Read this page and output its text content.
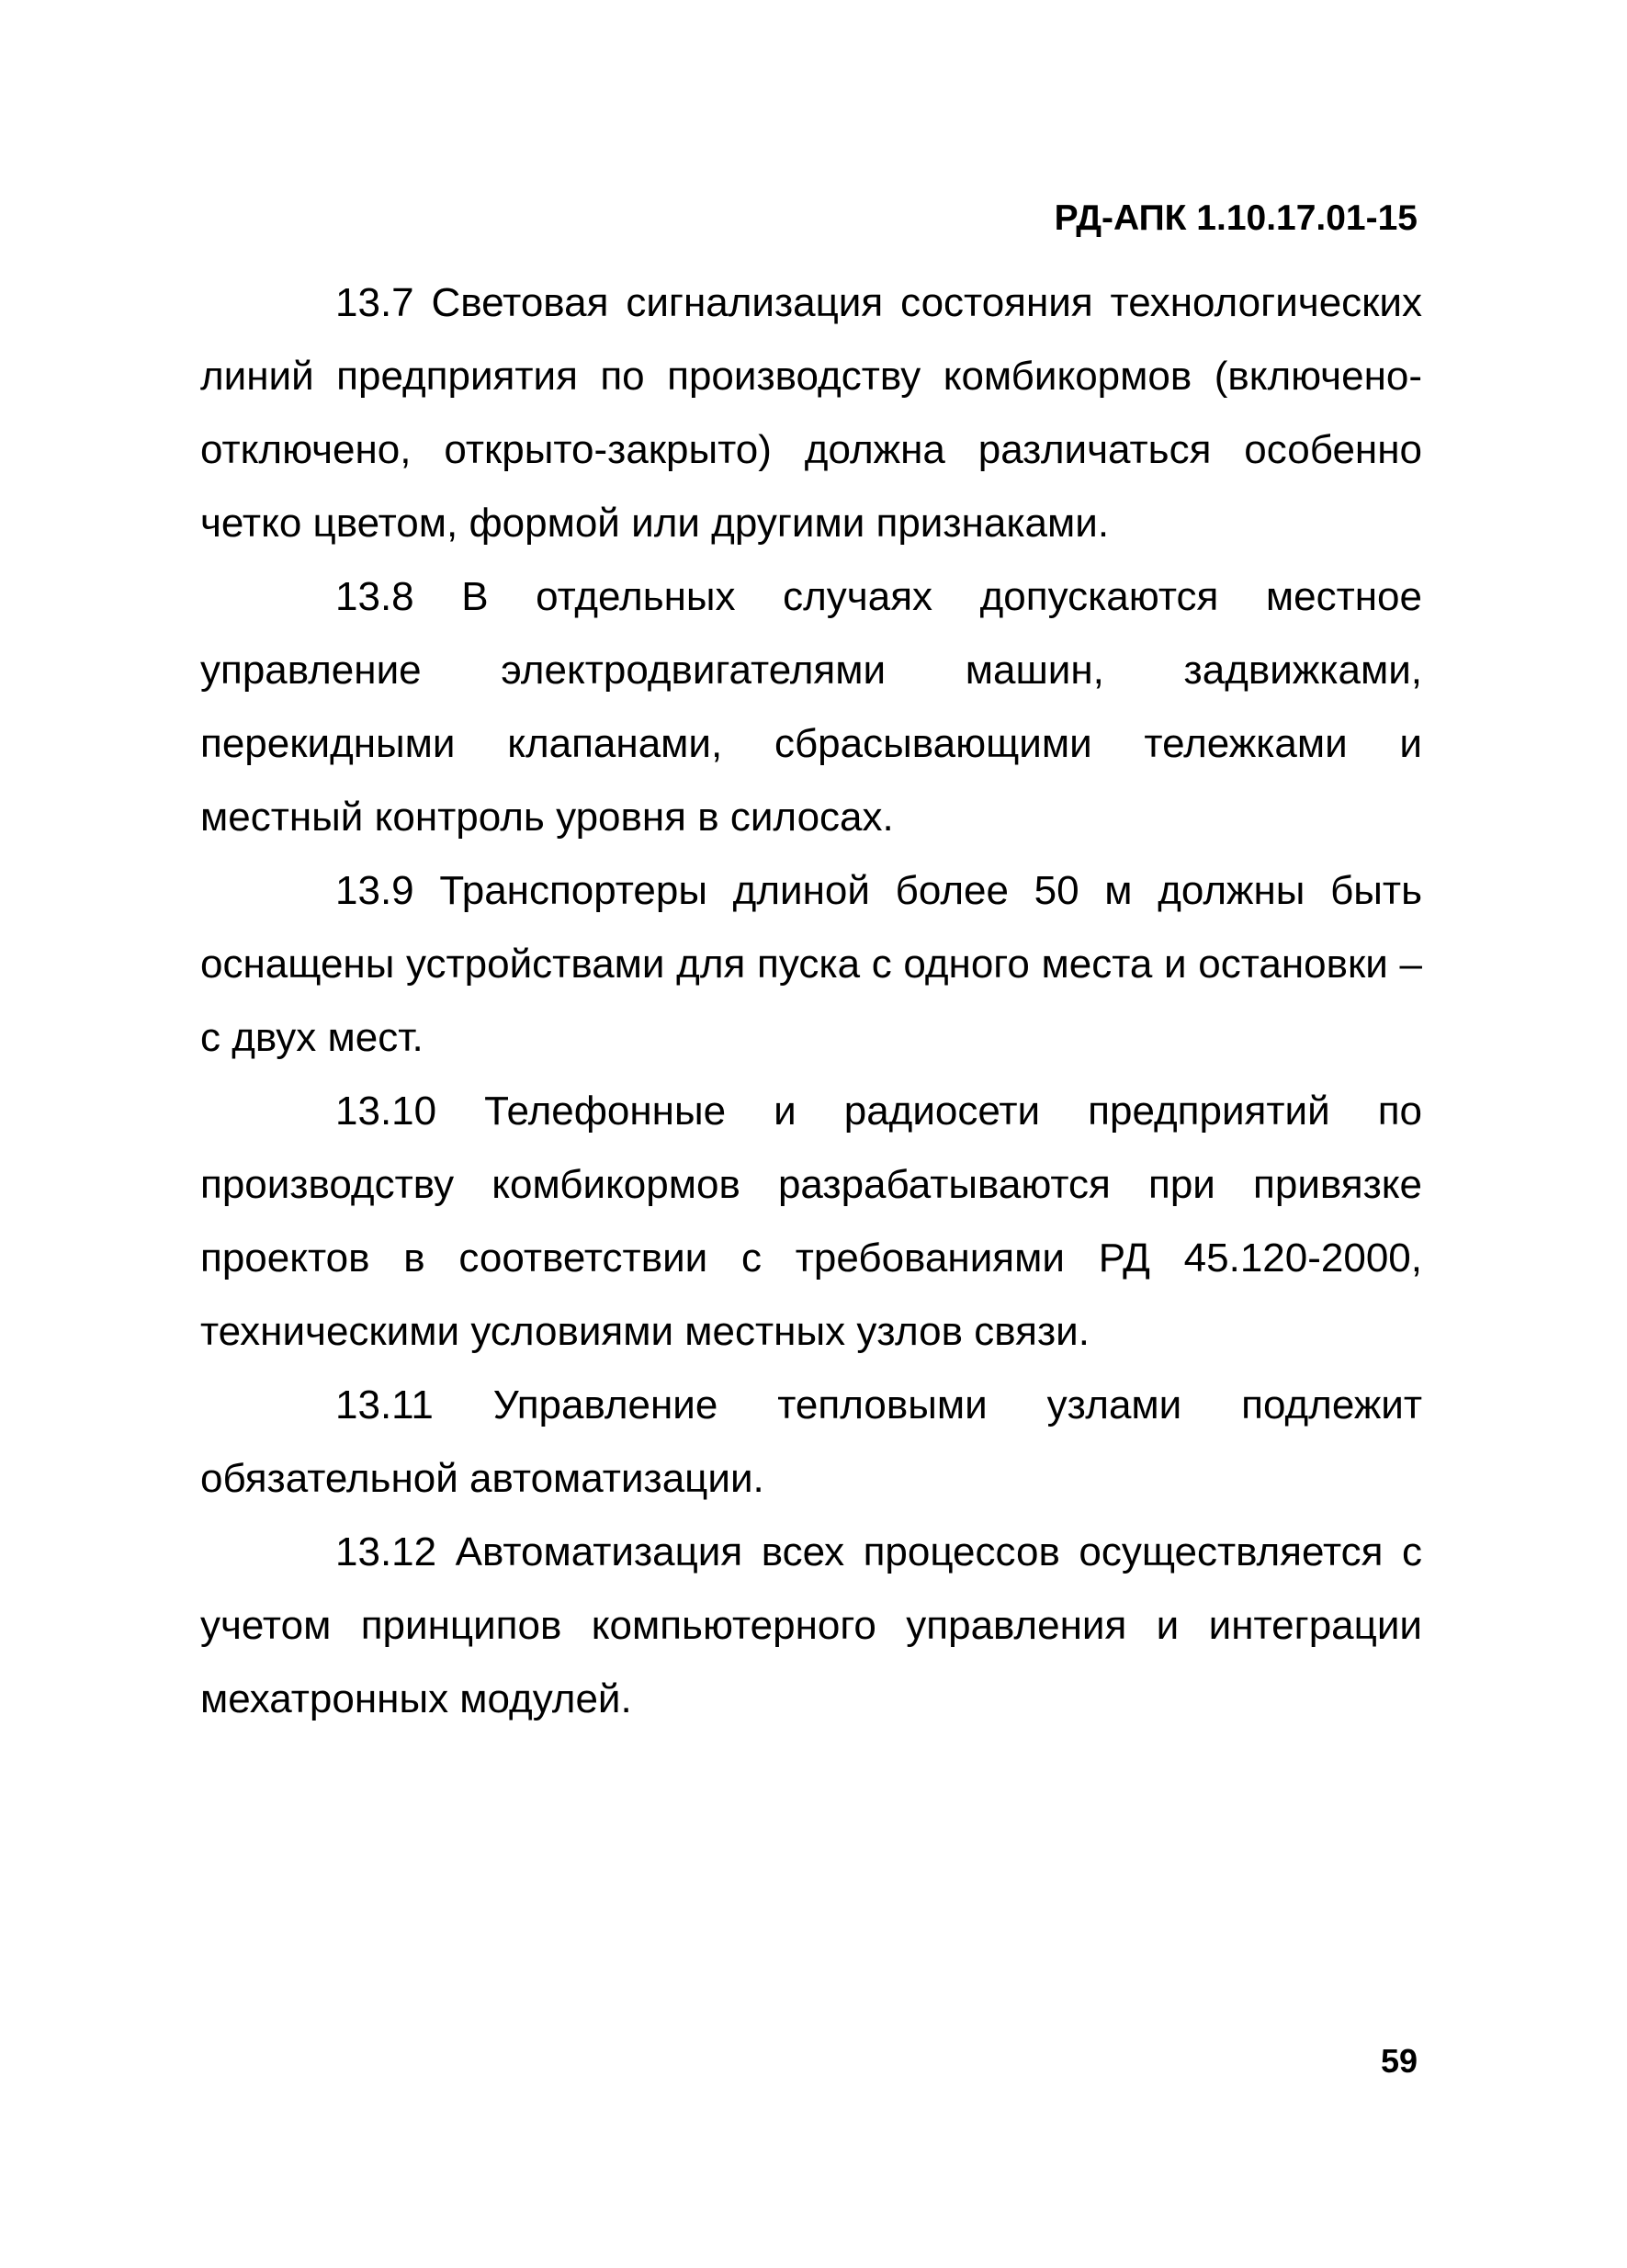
РД-АПК 1.10.17.01-15

13.7 Световая сигнализация состояния технологических линий предприятия по производству комбикормов (включено-отключено, открыто-закрыто) должна различаться особенно четко цветом, формой или другими признаками.

13.8 В отдельных случаях допускаются местное управление электродвигателями машин, задвижками, перекидными клапанами, сбрасывающими тележками и местный контроль уровня в силосах.

13.9 Транспортеры длиной более 50 м должны быть оснащены устройствами для пуска с одного места и остановки – с двух мест.

13.10 Телефонные и радиосети предприятий по производству комбикормов разрабатываются при привязке проектов в соответствии с требованиями РД 45.120-2000, техническими условиями местных узлов связи.

13.11 Управление тепловыми узлами подлежит обязательной автоматизации.

13.12 Автоматизация всех процессов осуществляется с учетом принципов компьютерного управления и интеграции мехатронных модулей.

59
